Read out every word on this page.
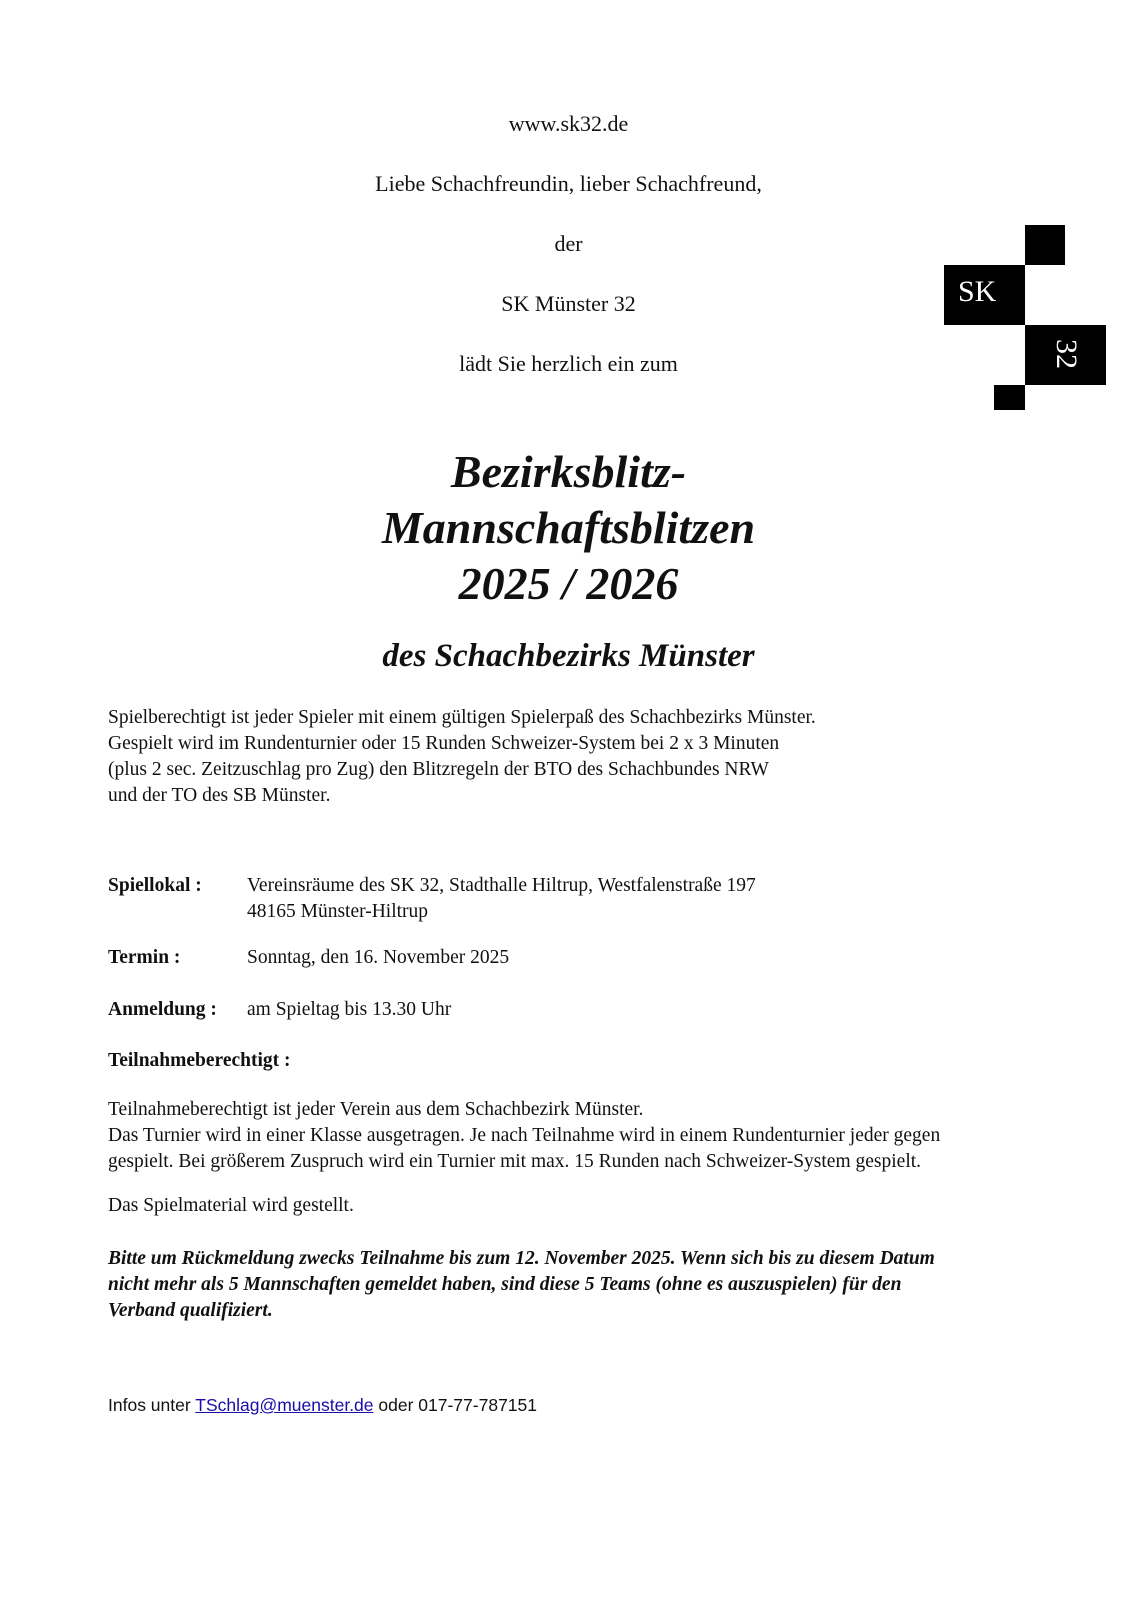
www.sk32.de
Liebe Schachfreundin, lieber Schachfreund,
der
SK Münster 32
lädt Sie herzlich ein zum
SK
32
Bezirksblitz-
Mannschaftsblitzen
2025 / 2026
des Schachbezirks Münster
Spielberechtigt ist jeder Spieler mit einem gültigen Spielerpaß des Schachbezirks Münster.
Gespielt wird im Rundenturnier oder 15 Runden Schweizer-System bei 2 x 3 Minuten
(plus 2 sec. Zeitzuschlag pro Zug) den Blitzregeln der BTO des Schachbundes NRW
und der TO des SB Münster.
Spiellokal : Vereinsräume des SK 32, Stadthalle Hiltrup, Westfalenstraße 197
48165 Münster-Hiltrup
Termin :	Sonntag, den 16. November 2025
Anmeldung : am Spieltag bis 13.30 Uhr
Teilnahmeberechtigt :
Teilnahmeberechtigt ist jeder Verein aus dem Schachbezirk Münster.
Das Turnier wird in einer Klasse ausgetragen. Je nach Teilnahme wird in einem Rundenturnier jeder gegen
gespielt. Bei größerem Zuspruch wird ein Turnier mit max. 15 Runden nach Schweizer-System gespielt.
Das Spielmaterial wird gestellt.
Bitte um Rückmeldung zwecks Teilnahme bis zum 12. November 2025. Wenn sich bis zu diesem Datum
nicht mehr als 5 Mannschaften gemeldet haben, sind diese 5 Teams (ohne es auszuspielen) für den
Verband qualifiziert.
Infos unter TSchlag@muenster.de oder 017-77-787151
